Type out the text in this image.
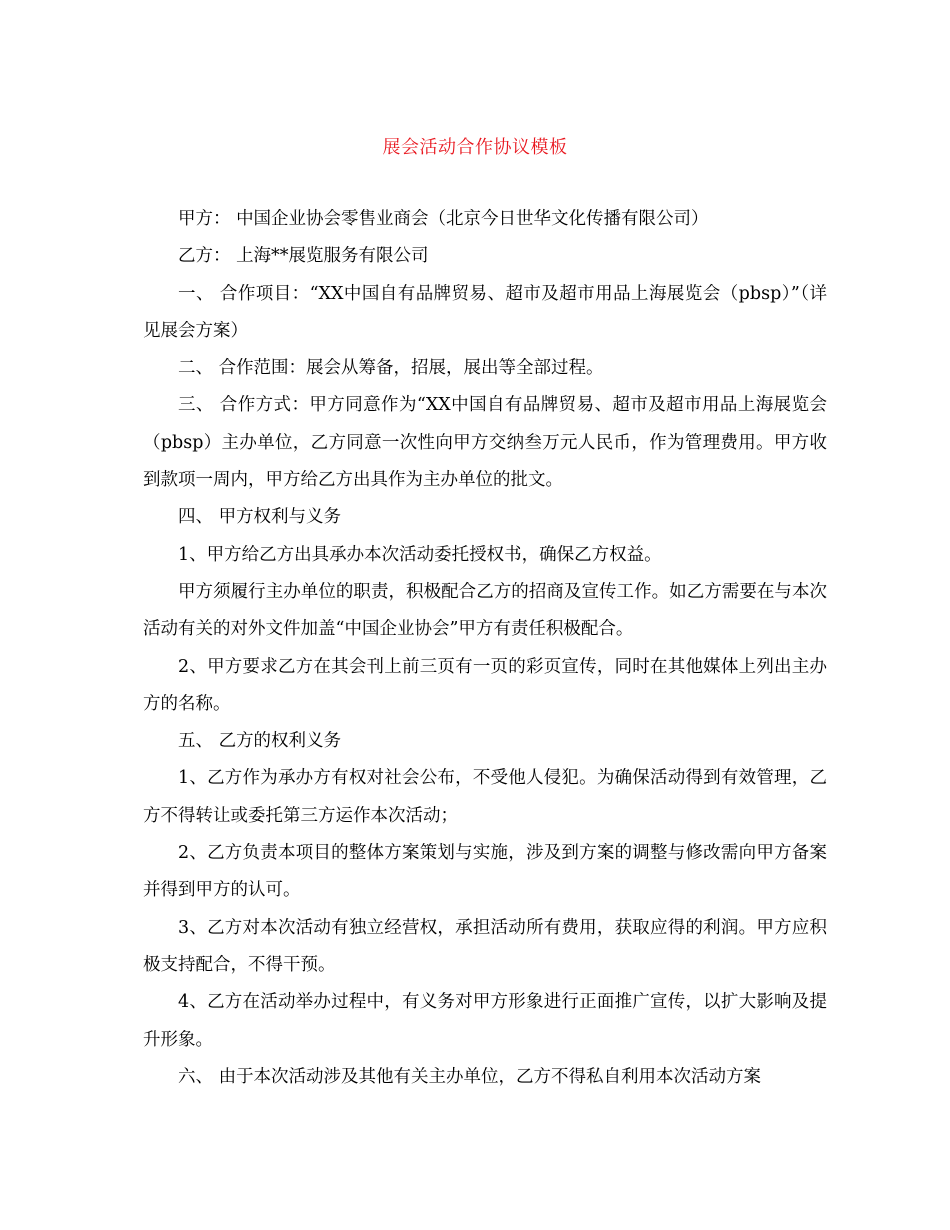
展会活动合作协议模板

甲方： 中国企业协会零售业商会（北京今日世华文化传播有限公司）

乙方： 上海**展览服务有限公司

一、 合作项目：“XX中国自有品牌贸易、超市及超市用品上海展览会（pbsp）”（详见展会方案）

二、 合作范围：展会从筹备，招展，展出等全部过程。

三、 合作方式：甲方同意作为“XX中国自有品牌贸易、超市及超市用品上海展览会（pbsp）主办单位，乙方同意一次性向甲方交纳叁万元人民币，作为管理费用。甲方收到款项一周内，甲方给乙方出具作为主办单位的批文。

四、 甲方权利与义务

1、甲方给乙方出具承办本次活动委托授权书，确保乙方权益。

甲方须履行主办单位的职责，积极配合乙方的招商及宣传工作。如乙方需要在与本次活动有关的对外文件加盖“中国企业协会”甲方有责任积极配合。

2、甲方要求乙方在其会刊上前三页有一页的彩页宣传，同时在其他媒体上列出主办方的名称。

五、 乙方的权利义务

1、乙方作为承办方有权对社会公布，不受他人侵犯。为确保活动得到有效管理，乙方不得转让或委托第三方运作本次活动；

2、乙方负责本项目的整体方案策划与实施，涉及到方案的调整与修改需向甲方备案并得到甲方的认可。

3、乙方对本次活动有独立经营权，承担活动所有费用，获取应得的利润。甲方应积极支持配合，不得干预。

4、乙方在活动举办过程中，有义务对甲方形象进行正面推广宣传，以扩大影响及提升形象。

六、 由于本次活动涉及其他有关主办单位，乙方不得私自利用本次活动方案
